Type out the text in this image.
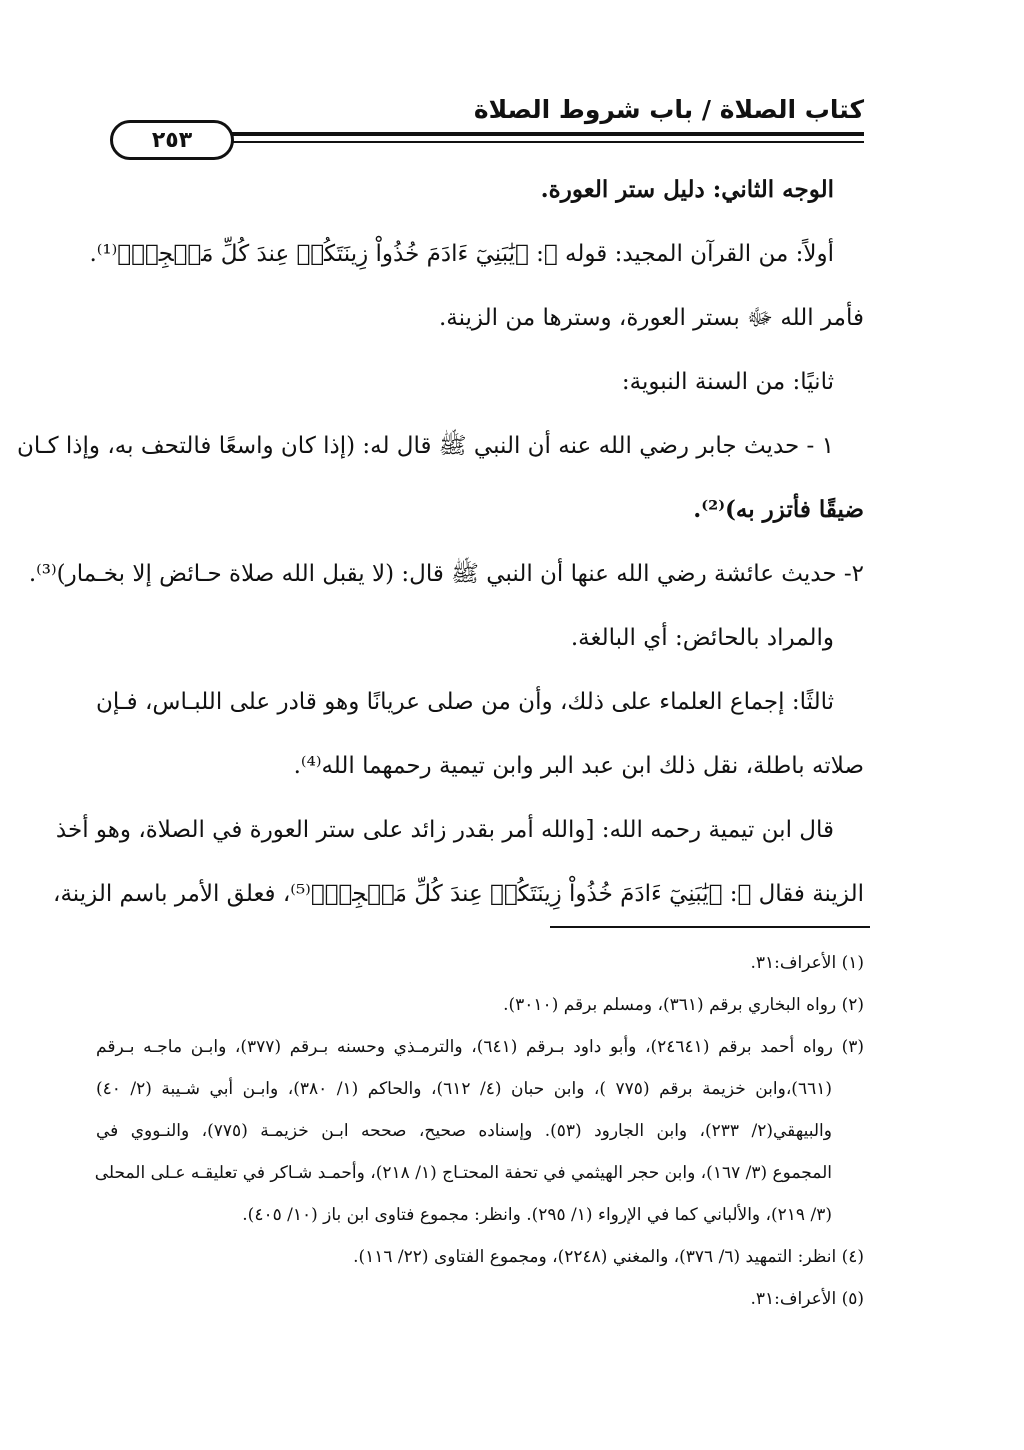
كتاب الصلاة / باب شروط الصلاة
٢٥٣
الوجه الثاني: دليل ستر العورة.
أولاً: من القرآن المجيد: قوله ﷻ: ﴿يَٰبَنِيٓ ءَادَمَ خُذُواْ زِينَتَكُمۡ عِندَ كُلِّ مَسۡجِدٖ﴾⁽¹⁾.
فأمر الله ﷻ بستر العورة، وسترها من الزينة.
ثانيًا: من السنة النبوية:
١ - حديث جابر رضي الله عنه أن النبي ﷺ قال له: (إذا كان واسعًا فالتحف به، وإذا كـان
ضيقًا فأتزر به)⁽²⁾.
٢- حديث عائشة رضي الله عنها أن النبي ﷺ قال: (لا يقبل الله صلاة حـائض إلا بخـمار)⁽³⁾.
والمراد بالحائض: أي البالغة.
ثالثًا: إجماع العلماء على ذلك، وأن من صلى عريانًا وهو قادر على اللبـاس، فـإن
صلاته باطلة، نقل ذلك ابن عبد البر وابن تيمية رحمهما الله⁽⁴⁾.
قال ابن تيمية رحمه الله: [والله أمر بقدر زائد على ستر العورة في الصلاة، وهو أخذ
الزينة فقال ﷻ: ﴿يَٰبَنِيٓ ءَادَمَ خُذُواْ زِينَتَكُمۡ عِندَ كُلِّ مَسۡجِدٖ﴾⁽⁵⁾، فعلق الأمر باسم الزينة،
(١) الأعراف:٣١.
(٢) رواه البخاري برقم (٣٦١)، ومسلم برقم (٣٠١٠).
(٣) رواه أحمد برقم (٢٤٦٤١)، وأبو داود بـرقم (٦٤١)، والترمـذي وحسنه بـرقم (٣٧٧)، وابـن ماجـه بـرقم
(٦٦١)،وابن خزيمة برقم (٧٧٥ )، وابن حبان (٤/ ٦١٢)، والحاكم (١/ ٣٨٠)، وابـن أبي شـيبة (٢/ ٤٠)
والبيهقي(٢/ ٢٣٣)، وابن الجارود (٥٣). وإسناده صحيح، صححه ابـن خزيمـة (٧٧٥)، والنـووي في
المجموع (٣/ ١٦٧)، وابن حجر الهيثمي في تحفة المحتـاج (١/ ٢١٨)، وأحمـد شـاكر في تعليقـه عـلى المحلى
(٣/ ٢١٩)، والألباني كما في الإرواء (١/ ٢٩٥). وانظر: مجموع فتاوى ابن باز (١٠/ ٤٠٥).
(٤) انظر: التمهيد (٦/ ٣٧٦)، والمغني (٢٢٤٨)، ومجموع الفتاوى (٢٢/ ١١٦).
(٥) الأعراف:٣١.
